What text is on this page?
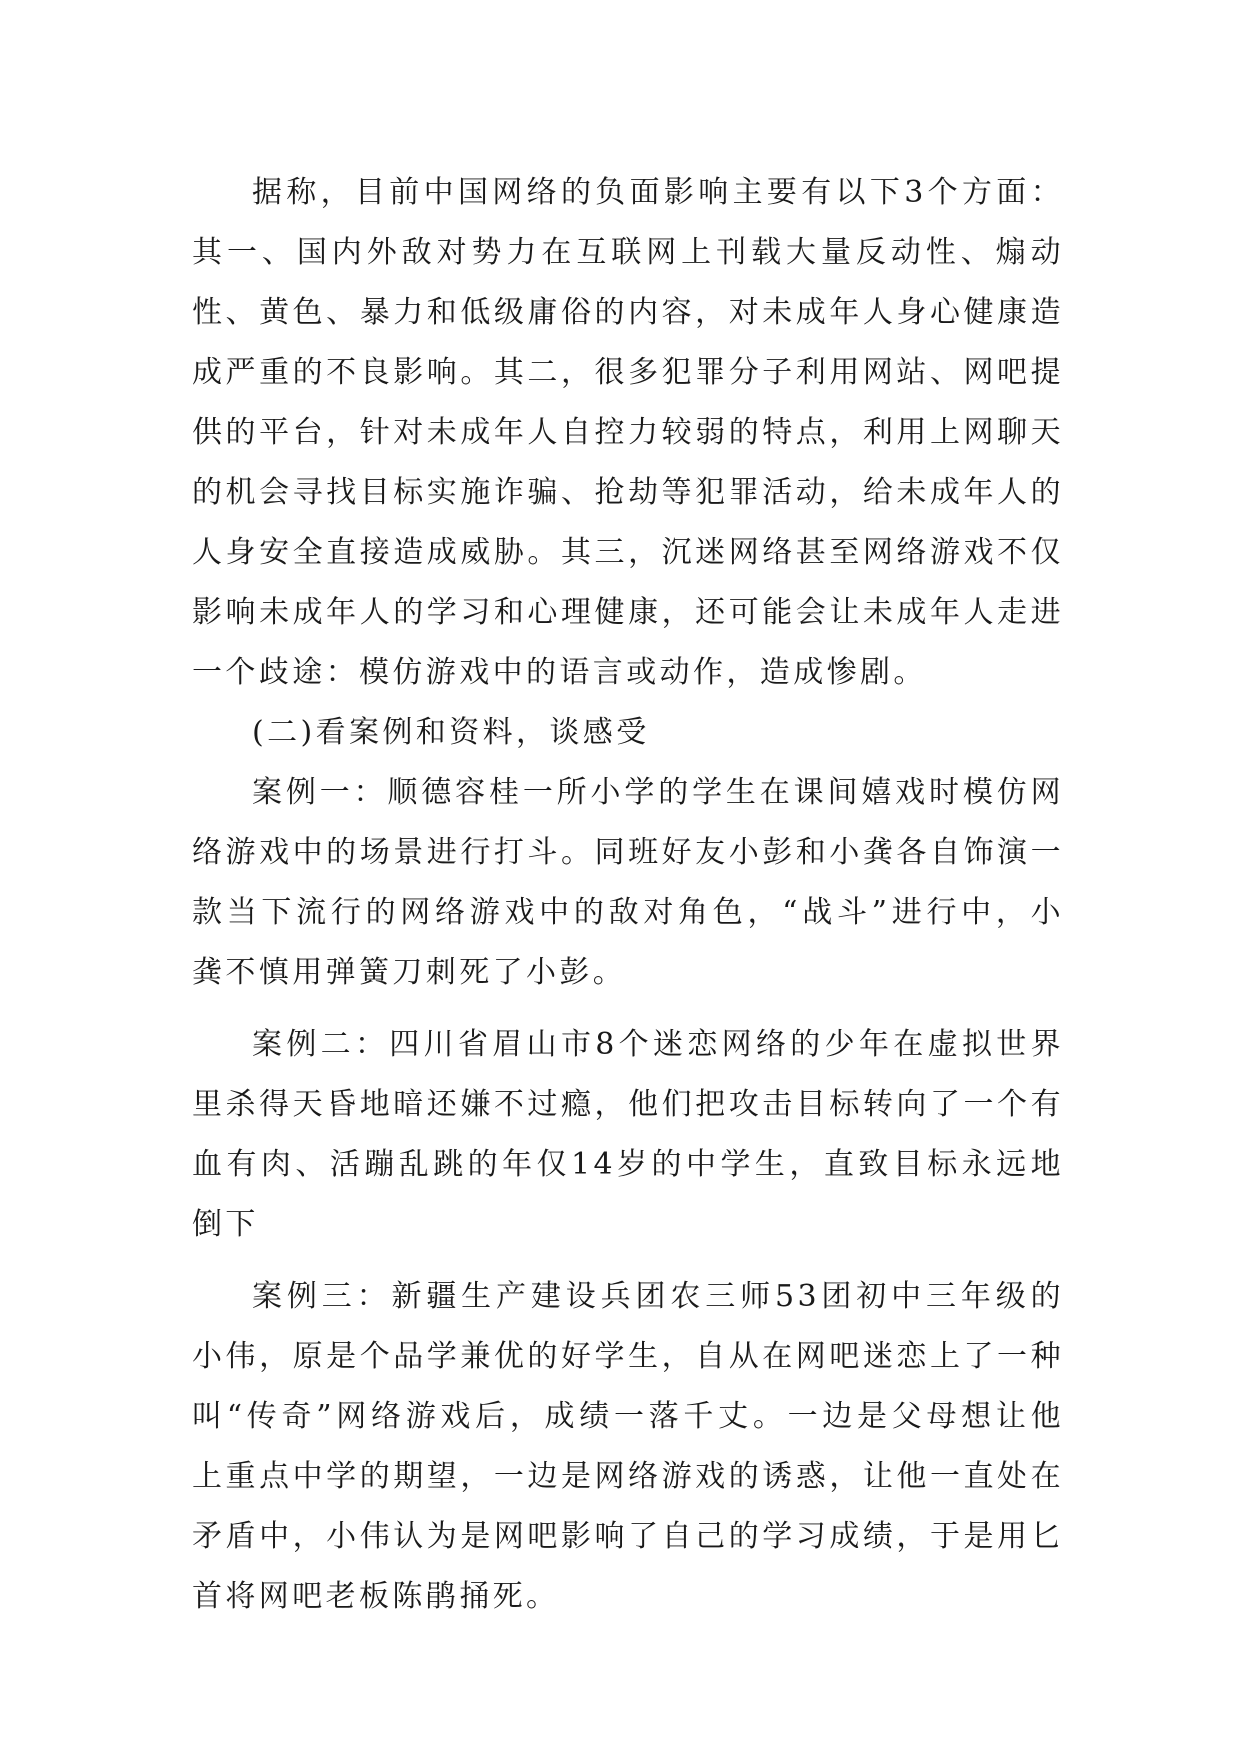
据称，目前中国网络的负面影响主要有以下3个方面：其一、国内外敌对势力在互联网上刊载大量反动性、煽动性、黄色、暴力和低级庸俗的内容，对未成年人身心健康造成严重的不良影响。其二，很多犯罪分子利用网站、网吧提供的平台，针对未成年人自控力较弱的特点，利用上网聊天的机会寻找目标实施诈骗、抢劫等犯罪活动，给未成年人的人身安全直接造成威胁。其三，沉迷网络甚至网络游戏不仅影响未成年人的学习和心理健康，还可能会让未成年人走进一个歧途：模仿游戏中的语言或动作，造成惨剧。

(二)看案例和资料，谈感受

案例一：顺德容桂一所小学的学生在课间嬉戏时模仿网络游戏中的场景进行打斗。同班好友小彭和小龚各自饰演一款当下流行的网络游戏中的敌对角色，“战斗”进行中，小龚不慎用弹簧刀刺死了小彭。

案例二：四川省眉山市8个迷恋网络的少年在虚拟世界里杀得天昏地暗还嫌不过瘾，他们把攻击目标转向了一个有血有肉、活蹦乱跳的年仅14岁的中学生，直致目标永远地倒下

案例三：新疆生产建设兵团农三师53团初中三年级的小伟，原是个品学兼优的好学生，自从在网吧迷恋上了一种叫“传奇”网络游戏后，成绩一落千丈。一边是父母想让他上重点中学的期望，一边是网络游戏的诱惑，让他一直处在矛盾中，小伟认为是网吧影响了自己的学习成绩，于是用匕首将网吧老板陈鹃捅死。
